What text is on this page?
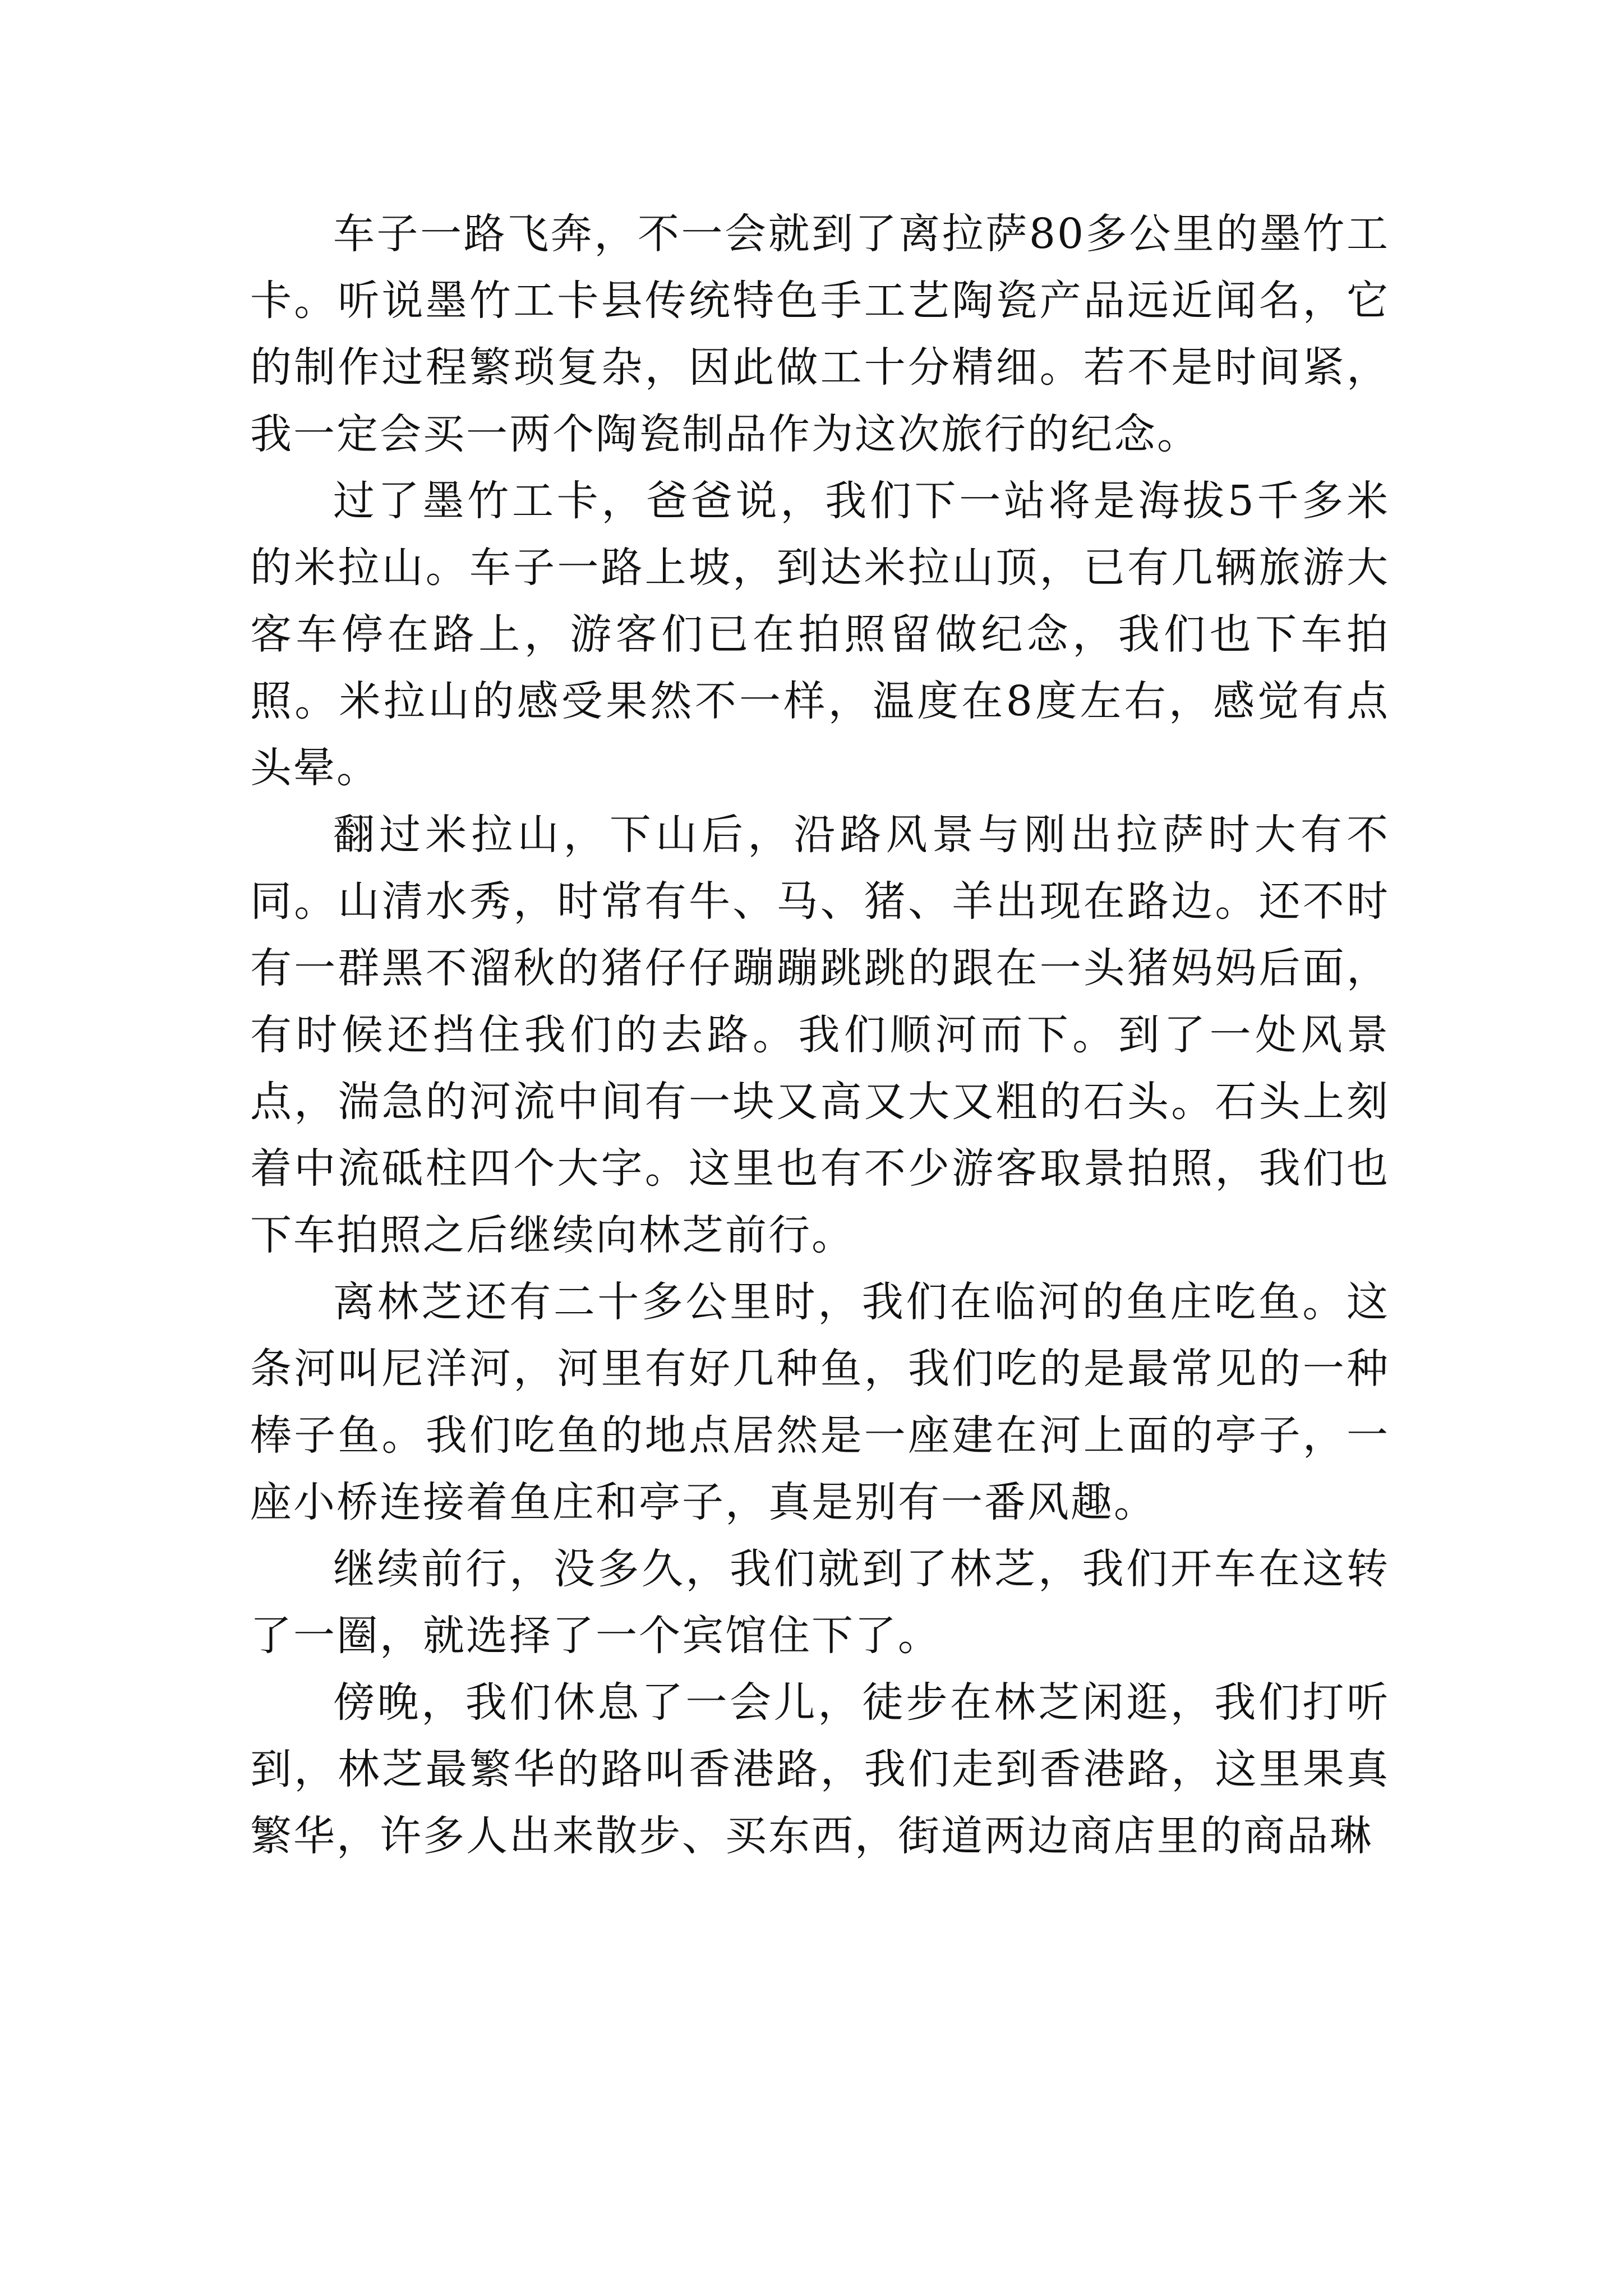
车子一路飞奔，不一会就到了离拉萨80多公里的墨竹工卡。听说墨竹工卡县传统特色手工艺陶瓷产品远近闻名，它的制作过程繁琐复杂，因此做工十分精细。若不是时间紧，我一定会买一两个陶瓷制品作为这次旅行的纪念。

过了墨竹工卡，爸爸说，我们下一站将是海拔5千多米的米拉山。车子一路上坡，到达米拉山顶，已有几辆旅游大客车停在路上，游客们已在拍照留做纪念，我们也下车拍照。米拉山的感受果然不一样，温度在8度左右，感觉有点头晕。

翻过米拉山，下山后，沿路风景与刚出拉萨时大有不同。山清水秀，时常有牛、马、猪、羊出现在路边。还不时有一群黑不溜秋的猪仔仔蹦蹦跳跳的跟在一头猪妈妈后面，有时候还挡住我们的去路。我们顺河而下。到了一处风景点，湍急的河流中间有一块又高又大又粗的石头。石头上刻着中流砥柱四个大字。这里也有不少游客取景拍照，我们也下车拍照之后继续向林芝前行。

离林芝还有二十多公里时，我们在临河的鱼庄吃鱼。这条河叫尼洋河，河里有好几种鱼，我们吃的是最常见的一种棒子鱼。我们吃鱼的地点居然是一座建在河上面的亭子，一座小桥连接着鱼庄和亭子，真是别有一番风趣。

继续前行，没多久，我们就到了林芝，我们开车在这转了一圈，就选择了一个宾馆住下了。

傍晚，我们休息了一会儿，徒步在林芝闲逛，我们打听到，林芝最繁华的路叫香港路，我们走到香港路，这里果真繁华，许多人出来散步、买东西，街道两边商店里的商品琳
